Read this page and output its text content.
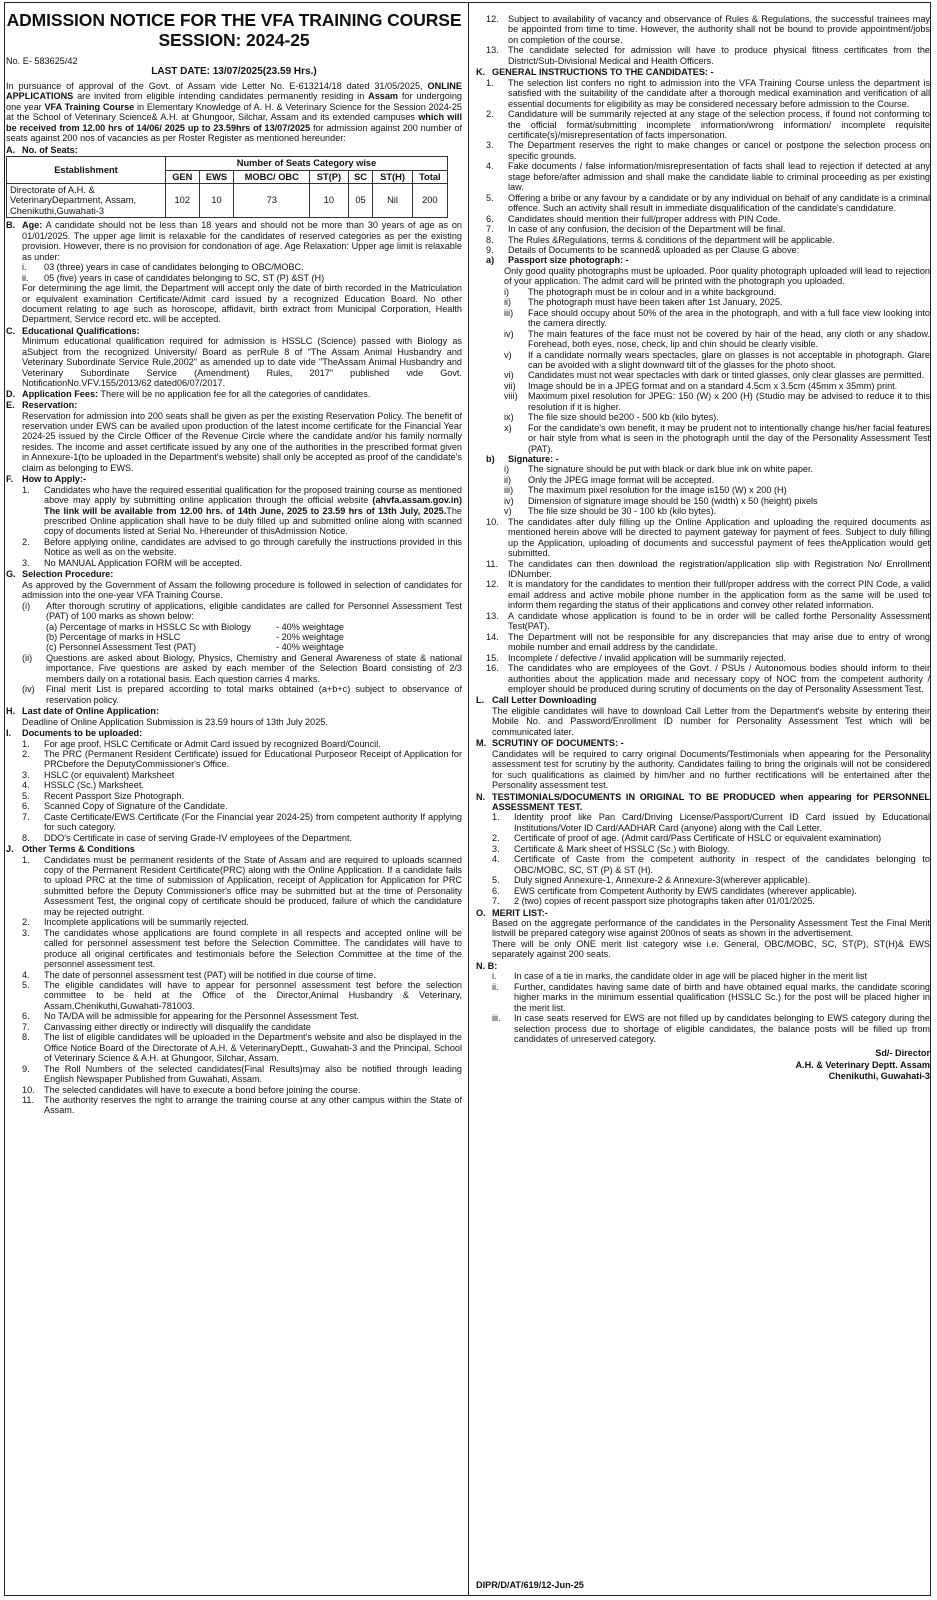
ADMISSION NOTICE FOR THE VFA TRAINING COURSE
SESSION: 2024-25

No. E- 583625/42

LAST DATE: 13/07/2025(23.59 Hrs.)

In pursuance of approval of the Govt. of Assam vide Letter No. E-613214/18 dated 31/05/2025, ONLINE APPLICATIONS are invited from eligible intending candidates permanently residing in Assam for undergoing one year VFA Training Course in Elementary Knowledge of A. H. & Veterinary Science for the Session 2024-25 at the School of Veterinary Science& A.H. at Ghungoor, Silchar, Assam and its extended campuses which will be received from 12.00 hrs of 14/06/ 2025 up to 23.59hrs of 13/07/2025 for admission against 200 number of seats against 200 nos of vacancies as per Roster Register as mentioned hereunder:

A. No. of Seats:
Establishment	Number of Seats Category wise						
	GEN	EWS	MOBC/ OBC	ST(P)	SC	ST(H)	Total
Directorate of A.H. & VeterinaryDepartment, Assam, Chenikuthi,Guwahati-3	102	10	73	10	05	Nil	200
B. Age: A candidate should not be less than 18 years and should not be more than 30 years of age as on 01/01/2025. The upper age limit is relaxable for the candidates of reserved categories as per the existing provision. However, there is no provision for condonation of age. Age Relaxation: Upper age limit is relaxable as under:
i.	03 (three) years in case of candidates belonging to OBC/MOBC.
ii.	05 (five) years in case of candidates belonging to SC, ST (P) &ST (H)

For determining the age limit, the Department will accept only the date of birth recorded in the Matriculation or equivalent examination Certificate/Admit card issued by a recognized Education Board. No other document relating to age such as horoscope, affidavit, birth extract from Municipal Corporation, Health Department, Service record etc. will be accepted.

C. Educational Qualifications:

Minimum educational qualification required for admission is HSSLC (Science) passed with Biology as aSubject from the recognized University/ Board as perRule 8 of "The Assam Animal Husbandry and Veterinary Subordinate Service Rule,2002" as amended up to date vide "TheAssam Animal Husbandry and Veterinary Subordinate Service (Amendment) Rules, 2017" published vide Govt. NotificationNo.VFV.155/2013/62 dated06/07/2017.

D. Application Fees: There will be no application fee for all the categories of candidates.
E. Reservation:

Reservation for admission into 200 seats shall be given as per the existing Reservation Policy. The benefit of reservation under EWS can be availed upon production of the latest income certificate for the Financial Year 2024-25 issued by the Circle Officer of the Revenue Circle where the candidate and/or his family normally resides. The income and asset certificate issued by any one of the authorities in the prescribed format given in Annexure-1(to be uploaded in the Department's website) shall only be accepted as proof of the candidate's claim as belonging to EWS.

F. How to Apply:-
1.	Candidates who have the required essential qualification for the proposed training course as mentioned above may apply by submitting online application through the official website (ahvfa.assam.gov.in) The link will be available from 12.00 hrs. of 14th June, 2025 to 23.59 hrs of 13th July, 2025.The prescribed Online application shall have to be duly filled up and submitted online along with scanned copy of documents listed at Serial No. Hhereunder of thisAdmission Notice.
2.	Before applying online, candidates are advised to go through carefully the instructions provided in this Notice as well as on the website.
3.	No MANUAL Application FORM will be accepted.
G. Selection Procedure:

As approved by the Government of Assam the following procedure is followed in selection of candidates for admission into the one-year VFA Training Course.

(i)	After thorough scrutiny of applications, eligible candidates are called for Personnel Assessment Test (PAT) of 100 marks as shown below:
(a) Percentage of marks in HSSLC Sc with Biology	- 40% weightage
(b) Percentage of marks in HSLC	- 20% weightage
(c) Personnel Assessment Test (PAT)	- 40% weightage
(ii)	Questions are asked about Biology, Physics, Chemistry and General Awareness of state & national importance. Five questions are asked by each member of the Selection Board consisting of 2/3 members daily on a rotational basis. Each question carries 4 marks.
(iv)	Final merit List is prepared according to total marks obtained (a+b+c) subject to observance of reservation policy.
H. Last date of Online Application:

Deadline of Online Application Submission is 23.59 hours of 13th July 2025.

I.	Documents to be uploaded:
1.	For age proof, HSLC Certificate or Admit Card issued by recognized Board/Council.
2.	The PRC (Permanent Resident Certificate) issued for Educational Purposeor Receipt of Application for PRCbefore the DeputyCommissioner's Office.
3.	HSLC (or equivalent) Marksheet
4.	HSSLC (Sc.) Marksheet.
5.	Recent Passport Size Photograph.
6.	Scanned Copy of Signature of the Candidate.
7.	Caste Certificate/EWS Certificate (For the Financial year 2024-25) from competent authority If applying for such category.
8.	DDO's Certificate in case of serving Grade-IV employees of the Department.
J. Other Terms & Conditions
1.	Candidates must be permanent residents of the State of Assam and are required to uploads scanned copy of the Permanent Resident Certificate(PRC) along with the Online Application. If a candidate fails to upload PRC at the time of submission of Application, receipt of Application for Application for PRC submitted before the Deputy Commissioner's office may be submitted but at the time of Personality Assessment Test, the original copy of certificate should be produced, failure of which the candidature may be rejected outright.
2.	Incomplete applications will be summarily rejected.
3.	The candidates whose applications are found complete in all respects and accepted online will be called for personnel assessment test before the Selection Committee. The candidates will have to produce all original certificates and testimonials before the Selection Committee at the time of the personnel assessment test.
4.	The date of personnel assessment test (PAT) will be notified in due course of time.
5.	The eligible candidates will have to appear for personnel assessment test before the selection committee to be held at the Office of the Director,Animal Husbandry & Veterinary, Assam,Chenikuthi,Guwahati-781003.
6.	No TA/DA will be admissible for appearing for the Personnel Assessment Test.
7.	Canvassing either directly or indirectly will disqualify the candidate
8.	The list of eligible candidates will be uploaded in the Department's website and also be displayed in the Office Notice Board of the Directorate of A.H. & VeterinaryDeptt., Guwahati-3 and the Principal, School of Veterinary Science & A.H. at Ghungoor, Silchar, Assam.
9.	The Roll Numbers of the selected candidates(Final Results)may also be notified through leading English Newspaper Published from Guwahati, Assam.
10.	The selected candidates will have to execute a bond before joining the course.
11.	The authority reserves the right to arrange the training course at any other campus within the State of Assam.
12.	Subject to availability of vacancy and observance of Rules & Regulations, the successful trainees may be appointed from time to time. However, the authority shall not be bound to provide appointment/jobs on completion of the course.
13.	The candidate selected for admission will have to produce physical fitness certificates from the District/Sub-Divisional Medical and Health Officers.
K. GENERAL INSTRUCTIONS TO THE CANDIDATES: -
1.	The selection list confers no right to admission into the VFA Training Course unless the department is satisfied with the suitability of the candidate after a thorough medical examination and verification of all essential documents for eligibility as may be considered necessary before admission to the Course.
2.	Candidature will be summarily rejected at any stage of the selection process, if found not conforming to the official format/submitting incomplete information/wrong information/ incomplete requisite certificate(s)/misrepresentation of facts impersonation.
3.	The Department reserves the right to make changes or cancel or postpone the selection process on specific grounds.
4.	Fake documents / false information/misrepresentation of facts shall lead to rejection if detected at any stage before/after admission and shall make the candidate liable to criminal proceeding as per existing law.
5.	Offering a bribe or any favour by a candidate or by any individual on behalf of any candidate is a criminal offence. Such an activity shall result in immediate disqualification of the candidate's candidature.
6.	Candidates should mention their full/proper address with PIN Code.
7.	In case of any confusion, the decision of the Department will be final.
8.	The Rules &Regulations, terms & conditions of the department will be applicable.
9.	Details of Documents to be scanned& uploaded as per Clause G above:
a)	Passport size photograph: -

Only good quality photographs must be uploaded. Poor quality photograph uploaded will lead to rejection of your application. The admit card will be printed with the photograph you uploaded.

i)	The photograph must be in colour and in a white background.
ii)	The photograph must have been taken after 1st January, 2025.
iii)	Face should occupy about 50% of the area in the photograph, and with a full face view looking into the camera directly.
iv)	The main features of the face must not be covered by hair of the head, any cloth or any shadow. Forehead, both eyes, nose, check, lip and chin should be clearly visible.
v)	If a candidate normally wears spectacles, glare on glasses is not acceptable in photograph. Glare can be avoided with a slight downward tilt of the glasses for the photo shoot.
vi)	Candidates must not wear spectacles with dark or tinted glasses, only clear glasses are permitted.
vii)	Image should be in a JPEG format and on a standard 4.5cm x 3.5cm (45mm x 35mm) print.
viii)	Maximum pixel resolution for JPEG: 150 (W) x 200 (H) (Studio may be advised to reduce it to this resolution if it is higher.
ix)	The file size should be200 - 500 kb (kilo bytes).
x)	For the candidate's own benefit, it may be prudent not to intentionally change his/her facial features or hair style from what is seen in the photograph until the day of the Personality Assessment Test (PAT).
b)	Signature: -
i)	The signature should be put with black or dark blue ink on white paper.
ii)	Only the JPEG image format will be accepted.
iii)	The maximum pixel resolution for the image is150 (W) x 200 (H)
iv)	Dimension of signature image should be 150 (width) x 50 (height) pixels
v)	The file size should be 30 - 100 kb (kilo bytes).
10.	The candidates after duly filling up the Online Application and uploading the required documents as mentioned herein above will be directed to payment gateway for payment of fees. Subject to duly filling up the Application, uploading of documents and successful payment of fees theApplication would get submitted.
11.	The candidates can then download the registration/application slip with Registration No/ Enrollment IDNumber.
12.	It is mandatory for the candidates to mention their full/proper address with the correct PIN Code, a valid email address and active mobile phone number in the application form as the same will be used to inform them regarding the status of their applications and convey other related information.
13.	A candidate whose application is found to be in order will be called forthe Personality Assessment Test(PAT).
14.	The Department will not be responsible for any discrepancies that may arise due to entry of wrong mobile number and email address by the candidate.
15.	Incomplete / defective / invalid application will be summarily rejected.
16.	The candidates who are employees of the Govt. / PSUs / Autonomous bodies should inform to their authorities about the application made and necessary copy of NOC from the competent authority / employer should be produced during scrutiny of documents on the day of Personality Assessment Test.
L. Call Letter Downloading

The eligible candidates will have to download Call Letter from the Department's website by entering their Mobile No. and Password/Enrollment ID number for Personality Assessment Test which will be communicated later.

M. SCRUTINY OF DOCUMENTS: -

Candidates will be required to carry original Documents/Testimonials when appearing for the Personality assessment test for scrutiny by the authority. Candidates failing to bring the originals will not be considered for such qualifications as claimed by him/her and no further rectifications will be entertained after the Personality assessment test.

N. TESTIMONIALS/DOCUMENTS IN ORIGINAL TO BE PRODUCED when appearing for PERSONNEL ASSESSMENT TEST.
1.	Identity proof like Pan Card/Driving License/Passport/Current ID Card issued by Educational Institutions/Voter ID Card/AADHAR Card (anyone) along with the Call Letter.
2.	Certificate of proof of age. (Admit card/Pass Certificate of HSLC or equivalent examination)
3.	Certificate & Mark sheet of HSSLC (Sc.) with Biology.
4.	Certificate of Caste from the competent authority in respect of the candidates belonging to OBC/MOBC, SC, ST (P) & ST (H).
5.	Duly signed Annexure-1, Annexure-2 & Annexure-3(wherever applicable).
6.	EWS certificate from Competent Authority by EWS candidates (wherever applicable).
7.	2 (two) copies of recent passport size photographs taken after 01/01/2025.
O. MERIT LIST:-

Based on the aggregate performance of the candidates in the Personality Assessment Test the Final Merit listwill be prepared category wise against 200nos of seats as shown in the advertisement.

There will be only ONE merit list category wise i.e. General, OBC/MOBC, SC, ST(P), ST(H)& EWS separately against 200 seats.

N. B:
i.	In case of a tie in marks, the candidate older in age will be placed higher in the merit list
ii.	Further, candidates having same date of birth and have obtained equal marks, the candidate scoring higher marks in the minimum essential qualification (HSSLC Sc.) for the post will be placed higher in the merit list.
iii.	In case seats reserved for EWS are not filled up by candidates belonging to EWS category during the selection process due to shortage of eligible candidates, the balance posts will be filled up from candidates of unreserved category.
Sd/- Director
A.H. & Veterinary Deptt. Assam
Chenikuthi, Guwahati-3
DIPR/D/AT/619/12-Jun-25
